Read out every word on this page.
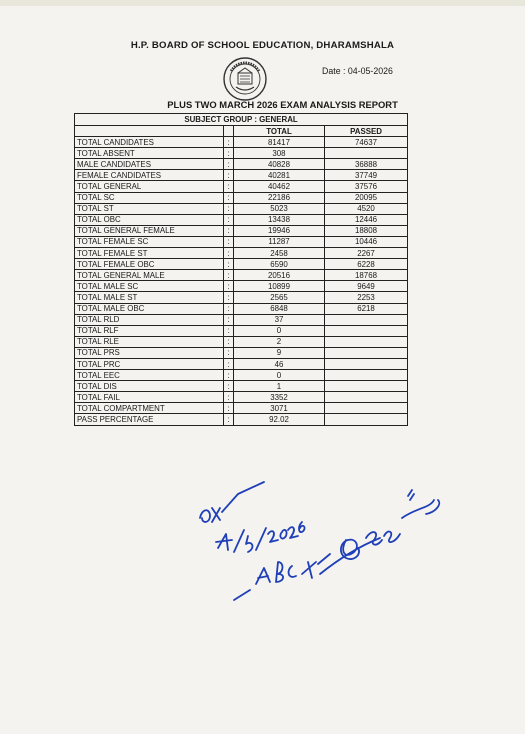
H.P. BOARD OF SCHOOL EDUCATION, DHARAMSHALA
Date : 04-05-2026
PLUS TWO MARCH 2026 EXAM ANALYSIS REPORT
SUBJECT GROUP : GENERAL			
		TOTAL	PASSED
TOTAL CANDIDATES	:	81417	74637
TOTAL ABSENT	:	308	
MALE CANDIDATES	:	40828	36888
FEMALE CANDIDATES	:	40281	37749
TOTAL GENERAL	:	40462	37576
TOTAL SC	:	22186	20095
TOTAL ST	:	5023	4520
TOTAL OBC	:	13438	12446
TOTAL GENERAL FEMALE	:	19946	18808
TOTAL FEMALE SC	:	11287	10446
TOTAL FEMALE ST	:	2458	2267
TOTAL FEMALE OBC	:	6590	6228
TOTAL GENERAL MALE	:	20516	18768
TOTAL MALE SC	:	10899	9649
TOTAL MALE ST	:	2565	2253
TOTAL MALE OBC	:	6848	6218
TOTAL RLD	:	37	
TOTAL RLF	:	0	
TOTAL RLE	:	2	
TOTAL PRS	:	9	
TOTAL PRC	:	46	
TOTAL EEC	:	0	
TOTAL DIS	:	1	
TOTAL FAIL	:	3352	
TOTAL COMPARTMENT	:	3071	
PASS PERCENTAGE	:	92.02	
